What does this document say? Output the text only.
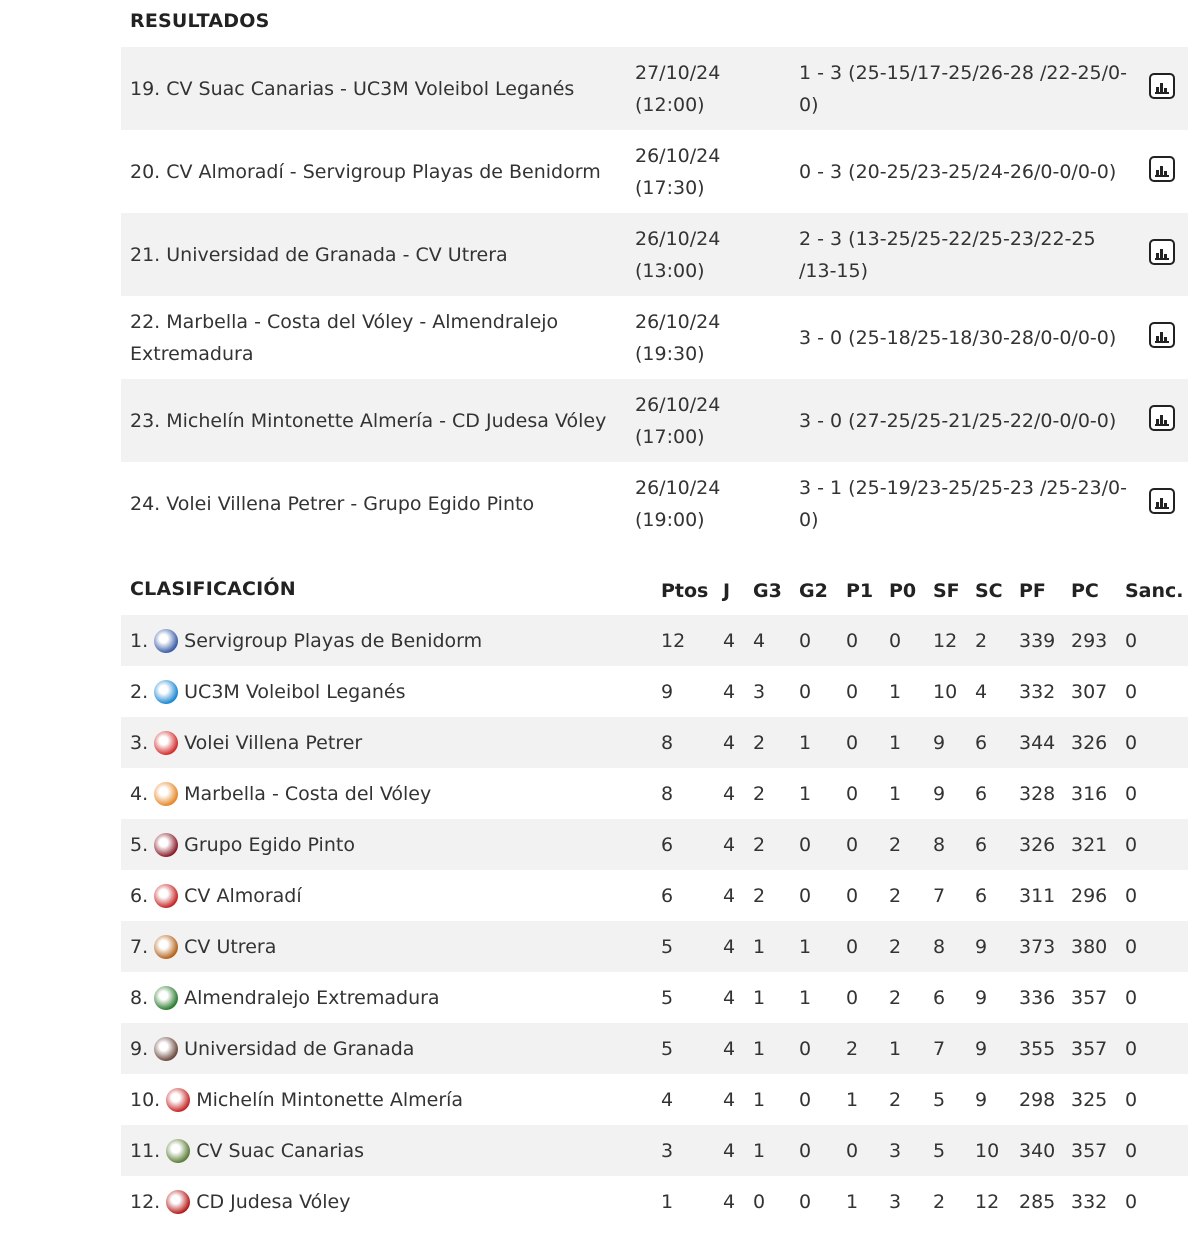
RESULTADOS
19. CV Suac Canarias - UC3M Voleibol Leganés
27/10/24
(12:00)
1 - 3 (25-15/17-25/26-28 /22-25/0-0)
20. CV Almoradí - Servigroup Playas de Benidorm
26/10/24
(17:30)
0 - 3 (20-25/23-25/24-26/0-0/0-0)
21. Universidad de Granada - CV Utrera
26/10/24
(13:00)
2 - 3 (13-25/25-22/25-23/22-25 /13-15)
22. Marbella - Costa del Vóley - Almendralejo Extremadura
26/10/24
(19:30)
3 - 0 (25-18/25-18/30-28/0-0/0-0)
23. Michelín Mintonette Almería - CD Judesa Vóley
26/10/24
(17:00)
3 - 0 (27-25/25-21/25-22/0-0/0-0)
24. Volei Villena Petrer - Grupo Egido Pinto
26/10/24
(19:00)
3 - 1 (25-19/23-25/25-23 /25-23/0-0)
CLASIFICACIÓN	Ptos J G3 G2 P1 P0 SF SC PF PC Sanc.
1. Servigroup Playas de Benidorm	12 4 4 0 0 0 12 2 339 293 0
2. UC3M Voleibol Leganés	9	4 3 0 0 1 10 4 332 307 0
3. Volei Villena Petrer	8	4 2 1 0 1 9 6 344 326 0
4. Marbella - Costa del Vóley	8	4 2 1 0 1 9 6 328 316 0
5. Grupo Egido Pinto	6	4 2 0 0 2 8 6 326 321 0
6. CV Almoradí	6	4 2 0 0 2 7 6 311 296 0
7. CV Utrera	5	4 1 1 0 2 8 9 373 380 0
8. Almendralejo Extremadura	5	4 1 1 0 2 6 9 336 357 0
9. Universidad de Granada	5	4 1 0 2 1 7 9 355 357 0
10. Michelín Mintonette Almería	4	4 1 0 1 2 5 9 298 325 0
11. CV Suac Canarias	3	4 1 0 0 3 5 10 340 357 0
12. CD Judesa Vóley	1	4 0 0 1 3 2 12 285 332 0
